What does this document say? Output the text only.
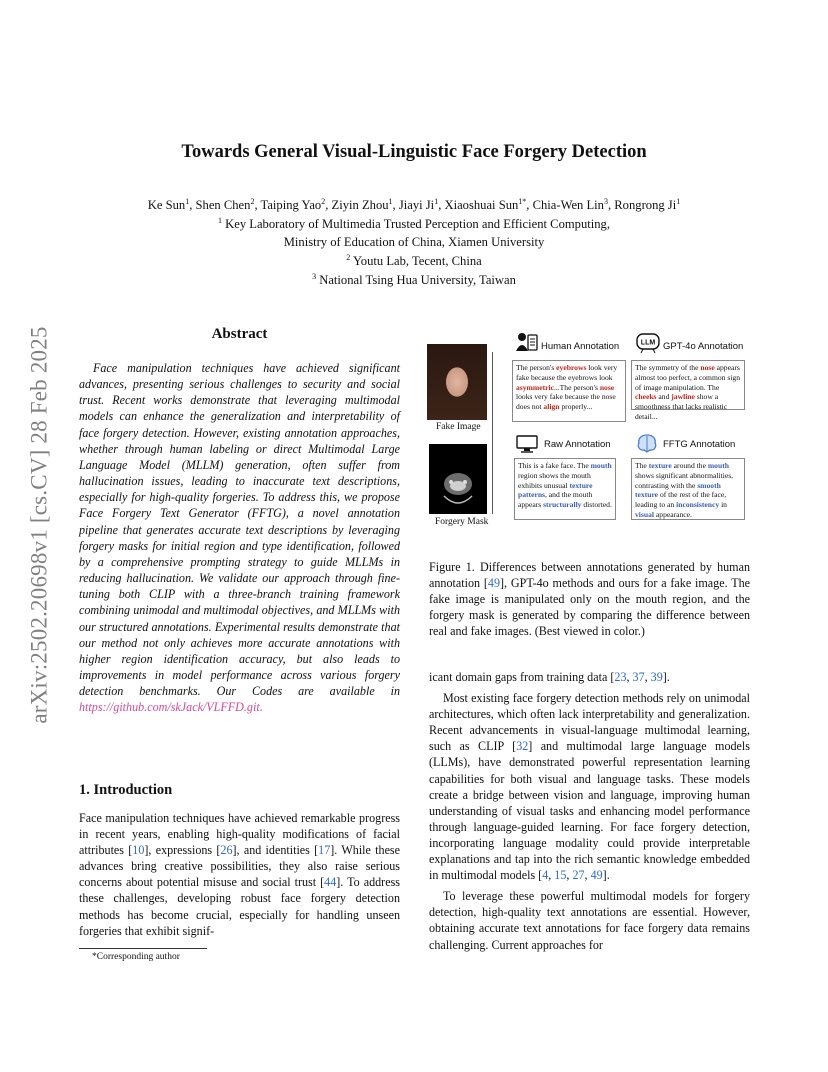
arXiv:2502.20698v1 [cs.CV] 28 Feb 2025
Towards General Visual-Linguistic Face Forgery Detection
Ke Sun$^1$, Shen Chen$^2$, Taiping Yao$^2$, Ziyin Zhou$^1$, Jiayi Ji$^1$, Xiaoshuai Sun$^{1*}$, Chia-Wen Lin$^3$, Rongrong Ji$^1$
$^1$ Key Laboratory of Multimedia Trusted Perception and Efficient Computing,
Ministry of Education of China, Xiamen University
$^2$ Youtu Lab, Tecent, China
$^3$ National Tsing Hua University, Taiwan
Abstract
Face manipulation techniques have achieved significant advances, presenting serious challenges to security and social trust. Recent works demonstrate that leveraging multimodal models can enhance the generalization and interpretability of face forgery detection. However, existing annotation approaches, whether through human labeling or direct Multimodal Large Language Model (MLLM) generation, often suffer from hallucination issues, leading to inaccurate text descriptions, especially for high-quality forgeries. To address this, we propose Face Forgery Text Generator (FFTG), a novel annotation pipeline that generates accurate text descriptions by leveraging forgery masks for initial region and type identification, followed by a comprehensive prompting strategy to guide MLLMs in reducing hallucination. We validate our approach through fine-tuning both CLIP with a three-branch training framework combining unimodal and multimodal objectives, and MLLMs with our structured annotations. Experimental results demonstrate that our method not only achieves more accurate annotations with higher region identification accuracy, but also leads to improvements in model performance across various forgery detection benchmarks. Our Codes are available in https://github.com/skJack/VLFFD.git.
1. Introduction
Face manipulation techniques have achieved remarkable progress in recent years, enabling high-quality modifications of facial attributes [10], expressions [26], and identities [17]. While these advances bring creative possibilities, they also raise serious concerns about potential misuse and social trust [44]. To address these challenges, developing robust face forgery detection methods has become crucial, especially for handling unseen forgeries that exhibit signif-
*Corresponding author
Fake Image
Forgery Mask
Human Annotation
The person's eyebrows look very fake because the eyebrows look asymmetric...The person's nose looks very fake because the nose does not align properly...
LLM GPT-4o Annotation
The symmetry of the nose appears almost too perfect, a common sign of image manipulation. The cheeks and jawline show a smoothness that lacks realistic detail...
Raw Annotation
This is a fake face. The mouth region shows the mouth exhibits unusual texture patterns, and the mouth appears structurally distorted.
FFTG Annotation
The texture around the mouth shows significant abnormalities, contrasting with the smooth texture of the rest of the face, leading to an inconsistency in visual appearance.
Figure 1. Differences between annotations generated by human annotation [49], GPT-4o methods and ours for a fake image. The fake image is manipulated only on the mouth region, and the forgery mask is generated by comparing the difference between real and fake images. (Best viewed in color.)

icant domain gaps from training data [23, 37, 39].

Most existing face forgery detection methods rely on unimodal architectures, which often lack interpretability and generalization. Recent advancements in visual-language multimodal learning, such as CLIP [32] and multimodal large language models (LLMs), have demonstrated powerful representation learning capabilities for both visual and language tasks. These models create a bridge between vision and language, improving human understanding of visual tasks and enhancing model performance through language-guided learning. For face forgery detection, incorporating language modality could provide interpretable explanations and tap into the rich semantic knowledge embedded in multimodal models [4, 15, 27, 49].

To leverage these powerful multimodal models for forgery detection, high-quality text annotations are essential. However, obtaining accurate text annotations for face forgery data remains challenging. Current approaches for
